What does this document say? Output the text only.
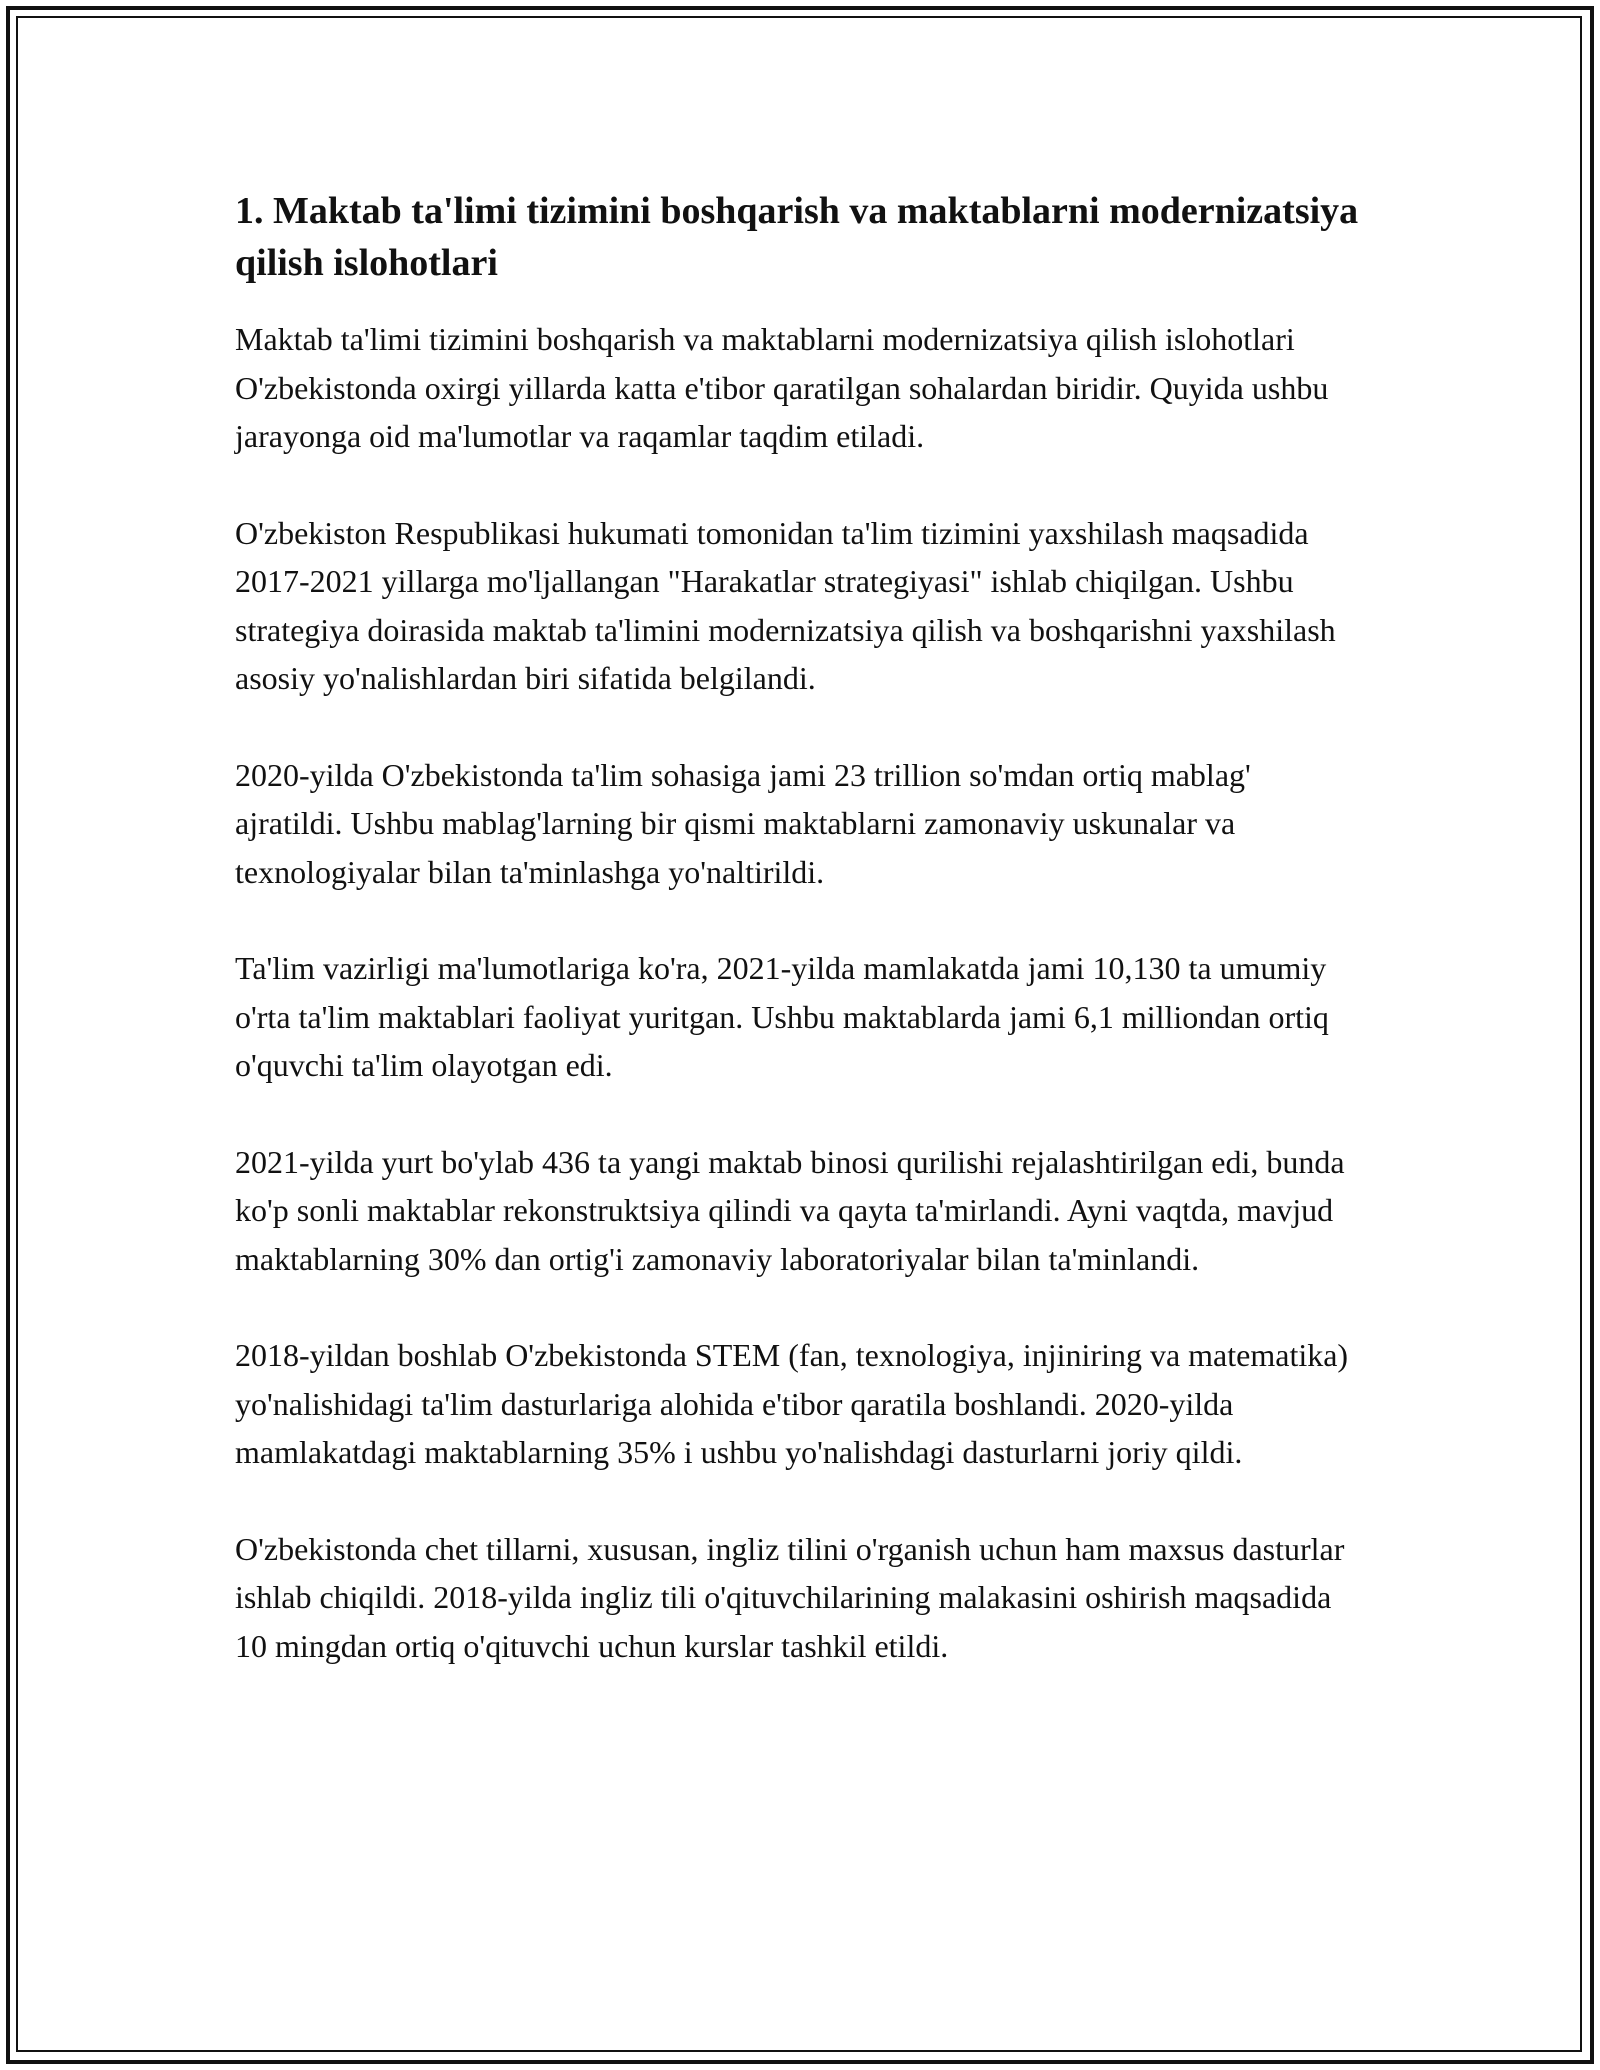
1. Maktab ta'limi tizimini boshqarish va maktablarni modernizatsiya qilish islohotlari

Maktab ta'limi tizimini boshqarish va maktablarni modernizatsiya qilish islohotlari O'zbekistonda oxirgi yillarda katta e'tibor qaratilgan sohalardan biridir. Quyida ushbu jarayonga oid ma'lumotlar va raqamlar taqdim etiladi.

O'zbekiston Respublikasi hukumati tomonidan ta'lim tizimini yaxshilash maqsadida 2017-2021 yillarga mo'ljallangan "Harakatlar strategiyasi" ishlab chiqilgan. Ushbu strategiya doirasida maktab ta'limini modernizatsiya qilish va boshqarishni yaxshilash asosiy yo'nalishlardan biri sifatida belgilandi.

2020-yilda O'zbekistonda ta'lim sohasiga jami 23 trillion so'mdan ortiq mablag' ajratildi. Ushbu mablag'larning bir qismi maktablarni zamonaviy uskunalar va texnologiyalar bilan ta'minlashga yo'naltirildi.

Ta'lim vazirligi ma'lumotlariga ko'ra, 2021-yilda mamlakatda jami 10,130 ta umumiy o'rta ta'lim maktablari faoliyat yuritgan. Ushbu maktablarda jami 6,1 milliondan ortiq o'quvchi ta'lim olayotgan edi.

2021-yilda yurt bo'ylab 436 ta yangi maktab binosi qurilishi rejalashtirilgan edi, bunda ko'p sonli maktablar rekonstruktsiya qilindi va qayta ta'mirlandi. Ayni vaqtda, mavjud maktablarning 30% dan ortig'i zamonaviy laboratoriyalar bilan ta'minlandi.

2018-yildan boshlab O'zbekistonda STEM (fan, texnologiya, injiniring va matematika) yo'nalishidagi ta'lim dasturlariga alohida e'tibor qaratila boshlandi. 2020-yilda mamlakatdagi maktablarning 35% i ushbu yo'nalishdagi dasturlarni joriy qildi.

O'zbekistonda chet tillarni, xususan, ingliz tilini o'rganish uchun ham maxsus dasturlar ishlab chiqildi. 2018-yilda ingliz tili o'qituvchilarining malakasini oshirish maqsadida 10 mingdan ortiq o'qituvchi uchun kurslar tashkil etildi.
